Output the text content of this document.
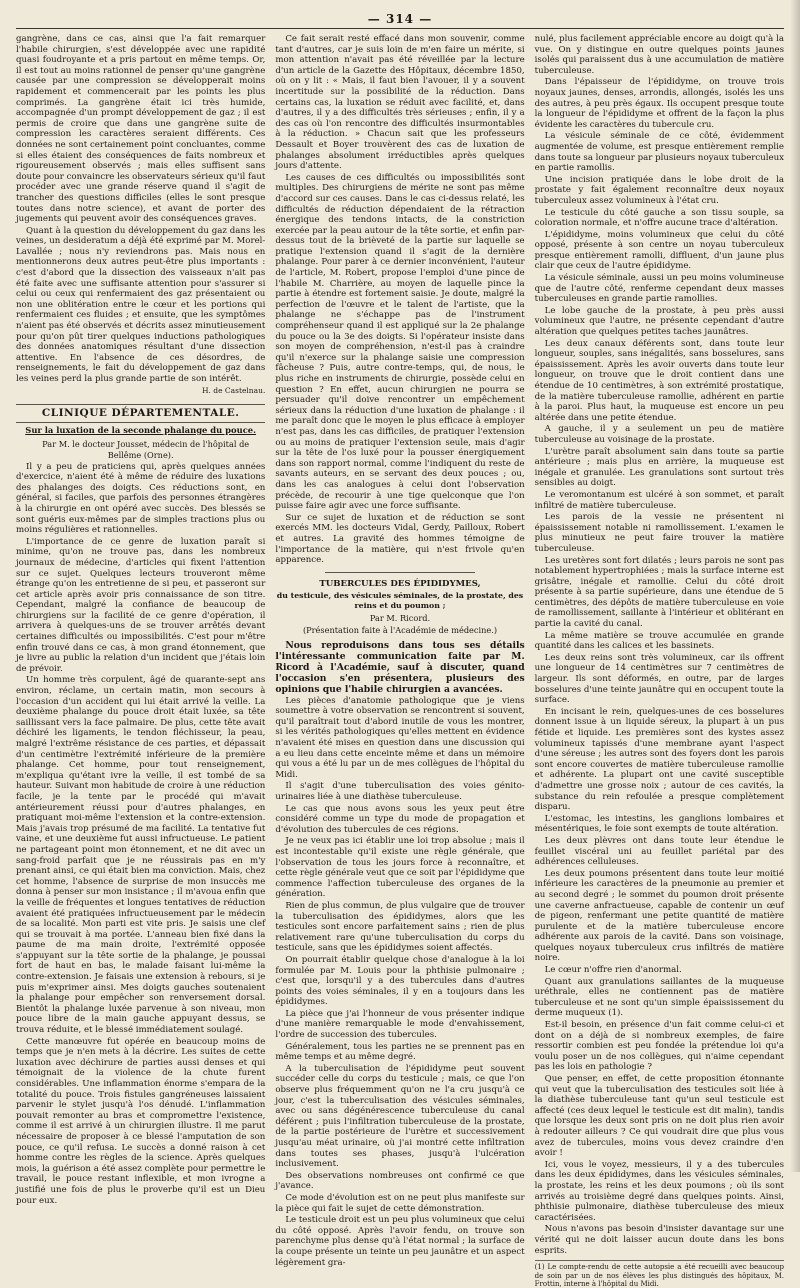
— 314 —

gangrène, dans ce cas, ainsi que l'a fait remarquer l'habile chirurgien, s'est développée avec une rapidité quasi foudroyante et a pris partout en même temps. Or, il est tout au moins rationnel de penser qu'une gangrène causée par une compression se développerait moins rapidement et commencerait par les points les plus comprimés. La gangrène était ici très humide, accompagnée d'un prompt développement de gaz ; il est permis de croire que dans une gangrène suite de compression les caractères seraient différents. Ces données ne sont certainement point concluantes, comme si elles étaient des conséquences de faits nombreux et rigoureusement observés ; mais elles suffisent sans doute pour convaincre les observateurs sérieux qu'il faut procéder avec une grande réserve quand il s'agit de trancher des questions difficiles (elles le sont presque toutes dans notre science), et avant de porter des jugements qui peuvent avoir des conséquences graves.

Quant à la question du développement du gaz dans les veines, un desideratum a déjà été exprimé par M. Morel-Lavallée ; nous n'y reviendrons pas. Mais nous en mentionnerons deux autres peut-être plus importants : c'est d'abord que la dissection des vaisseaux n'ait pas été faite avec une suffisante attention pour s'assurer si celui ou ceux qui renfermaient des gaz présentaient ou non une oblitération entre le cœur et les portions qui renfermaient ces fluides ; et ensuite, que les symptômes n'aient pas été observés et décrits assez minutieusement pour qu'on pût tirer quelques inductions pathologiques des données anatomiques résultant d'une dissection attentive. En l'absence de ces désordres, de renseignements, le fait du développement de gaz dans les veines perd la plus grande partie de son intérêt.

H. de Castelnau.
CLINIQUE DÉPARTEMENTALE.
Sur la luxation de la seconde phalange du pouce.

Par M. le docteur Jousset, médecin de l'hôpital de Bellême (Orne).

Il y a peu de praticiens qui, après quelques années d'exercice, n'aient été à même de réduire des luxations des phalanges des doigts. Ces réductions sont, en général, si faciles, que parfois des personnes étrangères à la chirurgie en ont opéré avec succès. Des blessés se sont guéris eux-mêmes par de simples tractions plus ou moins régulières et rationnelles.

L'importance de ce genre de luxation paraît si minime, qu'on ne trouve pas, dans les nombreux journaux de médecine, d'articles qui fixent l'attention sur ce sujet. Quelques lecteurs trouveront même étrange qu'on les entretienne de si peu, et passeront sur cet article après avoir pris connaissance de son titre. Cependant, malgré la confiance de beaucoup de chirurgiens sur la facilité de ce genre d'opération, il arrivera à quelques-uns de se trouver arrêtés devant certaines difficultés ou impossibilités. C'est pour m'être enfin trouvé dans ce cas, à mon grand étonnement, que je livre au public la relation d'un incident que j'étais loin de prévoir.

Un homme très corpulent, âgé de quarante-sept ans environ, réclame, un certain matin, mon secours à l'occasion d'un accident qui lui était arrivé la veille. La deuxième phalange du pouce droit était luxée, sa tête saillissant vers la face palmaire. De plus, cette tête avait déchiré les ligaments, le tendon fléchisseur, la peau, malgré l'extrême résistance de ces parties, et dépassait d'un centimètre l'extrémité inférieure de la première phalange. Cet homme, pour tout renseignement, m'expliqua qu'étant ivre la veille, il est tombé de sa hauteur. Suivant mon habitude de croire à une réduction facile, je la tente par le procédé qui m'avait antérieurement réussi pour d'autres phalanges, en pratiquant moi-même l'extension et la contre-extension. Mais j'avais trop présumé de ma facilité. La tentative fut vaine, et une deuxième fut aussi infructueuse. Le patient ne partageant point mon étonnement, et ne dit avec un sang-froid parfait que je ne réussirais pas en m'y prenant ainsi, ce qui était bien ma conviction. Mais, chez cet homme, l'absence de surprise de mon insuccès me donna à penser sur mon insistance ; il m'avoua enfin que la veille de fréquentes et longues tentatives de réduction avaient été pratiquées infructueusement par le médecin de sa localité. Mon parti est vite pris. Je saisis une clef qui se trouvait à ma portée. L'anneau bien fixé dans la paume de ma main droite, l'extrémité opposée s'appuyant sur la tête sortie de la phalange, je poussai fort de haut en bas, le malade faisant lui-même la contre-extension. Je faisais une extension à rebours, si je puis m'exprimer ainsi. Mes doigts gauches soutenaient la phalange pour empêcher son renversement dorsal. Bientôt la phalange luxée parvenue à son niveau, mon pouce libre de la main gauche appuyant dessus, se trouva réduite, et le blessé immédiatement soulagé.

Cette manœuvre fut opérée en beaucoup moins de temps que je n'en mets à la décrire. Les suites de cette luxation avec déchirure de parties aussi denses et qui témoignait de la violence de la chute furent considérables. Une inflammation énorme s'empara de la totalité du pouce. Trois fistules gangréneuses laissaient parvenir le stylet jusqu'à l'os dénudé. L'inflammation pouvait remonter au bras et compromettre l'existence, comme il est arrivé à un chirurgien illustre. Il me parut nécessaire de proposer à ce blessé l'amputation de son pouce, ce qu'il refusa. Le succès a donné raison à cet homme contre les règles de la science. Après quelques mois, la guérison a été assez complète pour permettre le travail, le pouce restant inflexible, et mon ivrogne a justifié une fois de plus le proverbe qu'il est un Dieu pour eux.

Ce fait serait resté effacé dans mon souvenir, comme tant d'autres, car je suis loin de m'en faire un mérite, si mon attention n'avait pas été réveillée par la lecture d'un article de la Gazette des Hôpitaux, décembre 1850, où on y lit : « Mais, il faut bien l'avouer, il y a souvent incertitude sur la possibilité de la réduction. Dans certains cas, la luxation se réduit avec facilité, et, dans d'autres, il y a des difficultés très sérieuses ; enfin, il y a des cas où l'on rencontre des difficultés insurmontables à la réduction. » Chacun sait que les professeurs Dessault et Boyer trouvèrent des cas de luxation de phalanges absolument irréductibles après quelques jours d'attente.

Les causes de ces difficultés ou impossibilités sont multiples. Des chirurgiens de mérite ne sont pas même d'accord sur ces causes. Dans le cas ci-dessus relaté, les difficultés de réduction dépendaient de la rétraction énergique des tendons intacts, de la constriction exercée par la peau autour de la tête sortie, et enfin par-dessus tout de la brièveté de la partie sur laquelle se pratique l'extension quand il s'agit de la dernière phalange. Pour parer à ce dernier inconvénient, l'auteur de l'article, M. Robert, propose l'emploi d'une pince de l'habile M. Charrière, au moyen de laquelle pince la partie à étendre est fortement saisie. Je doute, malgré la perfection de l'œuvre et le talent de l'artiste, que la phalange ne s'échappe pas de l'instrument compréhenseur quand il est appliqué sur la 2e phalange du pouce ou la 3e des doigts. Si l'opérateur insiste dans son moyen de compréhension, n'est-il pas à craindre qu'il n'exerce sur la phalange saisie une compression fâcheuse ? Puis, autre contre-temps, qui, de nous, le plus riche en instruments de chirurgie, possède celui en question ? En effet, aucun chirurgien ne pourra se persuader qu'il doive rencontrer un empêchement sérieux dans la réduction d'une luxation de phalange : il me paraît donc que le moyen le plus efficace à employer n'est pas, dans les cas difficiles, de pratiquer l'extension ou au moins de pratiquer l'extension seule, mais d'agir sur la tête de l'os luxé pour la pousser énergiquement dans son rapport normal, comme l'indiquent du reste de savants auteurs, en se servant des deux pouces ; ou, dans les cas analogues à celui dont l'observation précède, de recourir à une tige quelconque que l'on puisse faire agir avec une force suffisante.

Sur ce sujet de luxation et de réduction se sont exercés MM. les docteurs Vidal, Gerdy, Pailloux, Robert et autres. La gravité des hommes témoigne de l'importance de la matière, qui n'est frivole qu'en apparence.

TUBERCULES DES ÉPIDIDYMES,
du testicule, des vésicules séminales, de la prostate, des reins et du poumon ;
Par M. Ricord.
(Présentation faite à l'Académie de médecine.)

Nous reproduisons dans tous ses détails l'intéressante communication faite par M. Ricord à l'Académie, sauf à discuter, quand l'occasion s'en présentera, plusieurs des opinions que l'habile chirurgien a avancées.

Les pièces d'anatomie pathologique que je viens soumettre à votre observation se rencontrent si souvent, qu'il paraîtrait tout d'abord inutile de vous les montrer, si les vérités pathologiques qu'elles mettent en évidence n'avaient été mises en question dans une discussion qui a eu lieu dans cette enceinte même et dans un mémoire qui vous a été lu par un de mes collègues de l'hôpital du Midi.

Il s'agit d'une tuberculisation des voies génito-urinaires liée à une diathèse tuberculeuse.

Le cas que nous avons sous les yeux peut être considéré comme un type du mode de propagation et d'évolution des tubercules de ces régions.

Je ne veux pas ici établir une loi trop absolue ; mais il est incontestable qu'il existe une règle générale, que l'observation de tous les jours force à reconnaître, et cette règle générale veut que ce soit par l'épididyme que commence l'affection tuberculeuse des organes de la génération.

Rien de plus commun, de plus vulgaire que de trouver la tuberculisation des épididymes, alors que les testicules sont encore parfaitement sains ; rien de plus relativement rare qu'une tuberculisation du corps du testicule, sans que les épididymes soient affectés.

On pourrait établir quelque chose d'analogue à la loi formulée par M. Louis pour la phthisie pulmonaire ; c'est que, lorsqu'il y a des tubercules dans d'autres points des voies séminales, il y en a toujours dans les épididymes.

La pièce que j'ai l'honneur de vous présenter indique d'une manière remarquable le mode d'envahissement, l'ordre de succession des tubercules.

Généralement, tous les parties ne se prennent pas en même temps et au même degré.

A la tuberculisation de l'épididyme peut souvent succéder celle du corps du testicule ; mais, ce que l'on observe plus fréquemment qu'on ne l'a cru jusqu'à ce jour, c'est la tuberculisation des vésicules séminales, avec ou sans dégénérescence tuberculeuse du canal déférent ; puis l'infiltration tuberculeuse de la prostate, de la partie postérieure de l'urètre et successivement jusqu'au méat urinaire, où j'ai montré cette infiltration dans toutes ses phases, jusqu'à l'ulcération inclusivement.

Des observations nombreuses ont confirmé ce que j'avance.

Ce mode d'évolution est on ne peut plus manifeste sur la pièce qui fait le sujet de cette démonstration.

Le testicule droit est un peu plus volumineux que celui du côté opposé. Après l'avoir fendu, on trouve son parenchyme plus dense qu'à l'état normal ; la surface de la coupe présente un teinte un peu jaunâtre et un aspect légèrement gra-

nulé, plus facilement appréciable encore au doigt qu'à la vue. On y distingue en outre quelques points jaunes isolés qui paraissent dus à une accumulation de matière tuberculeuse.

Dans l'épaisseur de l'épididyme, on trouve trois noyaux jaunes, denses, arrondis, allongés, isolés les uns des autres, à peu près égaux. Ils occupent presque toute la longueur de l'épididyme et offrent de la façon la plus évidente les caractères du tubercule cru.

La vésicule séminale de ce côté, évidemment augmentée de volume, est presque entièrement remplie dans toute sa longueur par plusieurs noyaux tuberculeux en partie ramollis.

Une incision pratiquée dans le lobe droit de la prostate y fait également reconnaître deux noyaux tuberculeux assez volumineux à l'état cru.

Le testicule du côté gauche a son tissu souple, sa coloration normale, et n'offre aucune trace d'altération.

L'épididyme, moins volumineux que celui du côté opposé, présente à son centre un noyau tuberculeux presque entièrement ramolli, diffluent, d'un jaune plus clair que ceux de l'autre épididyme.

La vésicule séminale, aussi un peu moins volumineuse que de l'autre côté, renferme cependant deux masses tuberculeuses en grande partie ramollies.

Le lobe gauche de la prostate, à peu près aussi volumineux que l'autre, ne présente cependant d'autre altération que quelques petites taches jaunâtres.

Les deux canaux déférents sont, dans toute leur longueur, souples, sans inégalités, sans bosselures, sans épaississement. Après les avoir ouverts dans toute leur longueur, on trouve que le droit contient dans une étendue de 10 centimètres, à son extrémité prostatique, de la matière tuberculeuse ramollie, adhérent en partie à la paroi. Plus haut, la muqueuse est encore un peu altérée dans une petite étendue.

A gauche, il y a seulement un peu de matière tuberculeuse au voisinage de la prostate.

L'urètre paraît absolument sain dans toute sa partie antérieure ; mais plus en arrière, la muqueuse est inégale et granulée. Les granulations sont surtout très sensibles au doigt.

Le veromontanum est ulcéré à son sommet, et paraît infiltré de matière tuberculeuse.

Les parois de la vessie ne présentent ni épaississement notable ni ramollissement. L'examen le plus minutieux ne peut faire trouver la matière tuberculeuse.

Les uretères sont fort dilatés ; leurs parois ne sont pas notablement hypertrophiées ; mais la surface interne est grisâtre, inégale et ramollie. Celui du côté droit présente à sa partie supérieure, dans une étendue de 5 centimètres, des dépôts de matière tuberculeuse en voie de ramollissement, saillante à l'intérieur et oblitérant en partie la cavité du canal.

La même matière se trouve accumulée en grande quantité dans les calices et les bassinets.

Les deux reins sont très volumineux, car ils offrent une longueur de 14 centimètres sur 7 centimètres de largeur. Ils sont déformés, en outre, par de larges bosselures d'une teinte jaunâtre qui en occupent toute la surface.

En incisant le rein, quelques-unes de ces bosselures donnent issue à un liquide séreux, la plupart à un pus fétide et liquide. Les premières sont des kystes assez volumineux tapissés d'une membrane ayant l'aspect d'une séreuse ; les autres sont des foyers dont les parois sont encore couvertes de matière tuberculeuse ramollie et adhérente. La plupart ont une cavité susceptible d'admettre une grosse noix ; autour de ces cavités, la substance du rein refoulée a presque complètement disparu.

L'estomac, les intestins, les ganglions lombaires et mésentériques, le foie sont exempts de toute altération.

Les deux plèvres ont dans toute leur étendue le feuillet viscéral uni au feuillet pariétal par des adhérences celluleuses.

Les deux poumons présentent dans toute leur moitié inférieure les caractères de la pneumonie au premier et au second degré ; le sommet du poumon droit présente une caverne anfractueuse, capable de contenir un œuf de pigeon, renfermant une petite quantité de matière purulente et de la matière tuberculeuse encore adhérente aux parois de la cavité. Dans son voisinage, quelques noyaux tuberculeux crus infiltrés de matière noire.

Le cœur n'offre rien d'anormal.

Quant aux granulations saillantes de la muqueuse uréthrale, elles ne contiennent pas de matière tuberculeuse et ne sont qu'un simple épaississement du derme muqueux (1).

Est-il besoin, en présence d'un fait comme celui-ci et dont on a déjà de si nombreux exemples, de faire ressortir combien est peu fondée la prétendue loi qu'a voulu poser un de nos collègues, qui n'aime cependant pas les lois en pathologie ?

Que penser, en effet, de cette proposition étonnante qui veut que la tuberculisation des testicules soit liée à la diathèse tuberculeuse tant qu'un seul testicule est affecté (ces deux lequel le testicule est dit malin), tandis que lorsque les deux sont pris on ne doit plus rien avoir à redouter ailleurs ? Ce qui voudrait dire que plus vous avez de tubercules, moins vous devez craindre d'en avoir !

Ici, vous le voyez, messieurs, il y a des tubercules dans les deux épididymes, dans les vésicules séminales, la prostate, les reins et les deux poumons ; où ils sont arrivés au troisième degré dans quelques points. Ainsi, phthisie pulmonaire, diathèse tuberculeuse des mieux caractérisées.

Nous n'avons pas besoin d'insister davantage sur une vérité qui ne doit laisser aucun doute dans les bons esprits.

(1) Le compte-rendu de cette autopsie a été recueilli avec beaucoup de soin par un de nos élèves les plus distingués des hôpitaux, M. Frottin, interne à l'hôpital du Midi.
